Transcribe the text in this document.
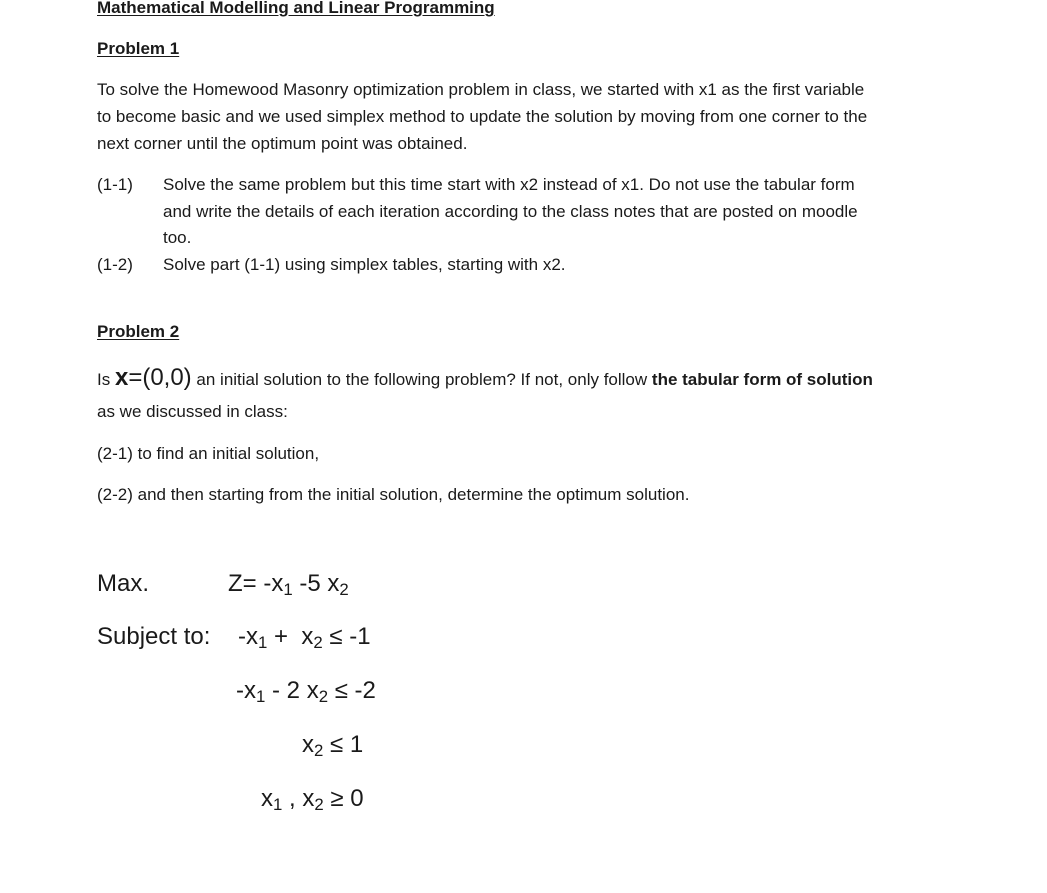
Mathematical Modelling and Linear Programming
Problem 1
To solve the Homewood Masonry optimization problem in class, we started with x1 as the first variable
to become basic and we used simplex method to update the solution by moving from one corner to the
next corner until the optimum point was obtained.
(1-1) Solve the same problem but this time start with x2 instead of x1. Do not use the tabular form
and write the details of each iteration according to the class notes that are posted on moodle
too.
(1-2) Solve part (1-1) using simplex tables, starting with x2.
Problem 2
Is x=(0,0) an initial solution to the following problem? If not, only follow the tabular form of solution
as we discussed in class:
(2-1) to find an initial solution,
(2-2) and then starting from the initial solution, determine the optimum solution.
Max.	$Z= -x_1$ -5 $x_2$
Subject to: $-x_1 + x_2 \le -1$
$-x_1 - 2$ $x_2 \le -2$
$x_2 \le 1$
$x_1$ , $x_2 \ge 0$
